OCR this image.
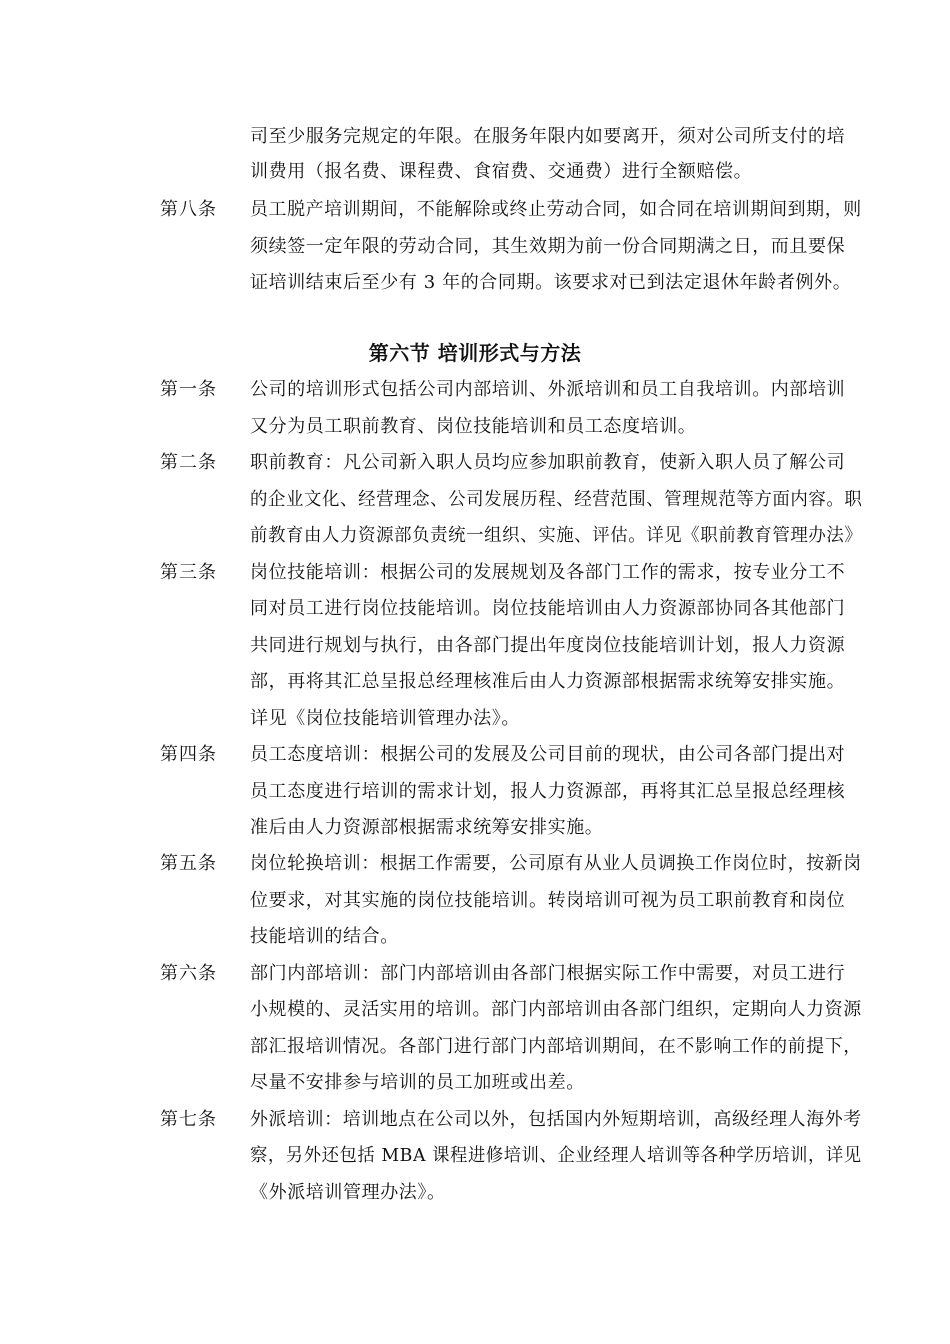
司至少服务完规定的年限。在服务年限内如要离开，须对公司所支付的培
训费用（报名费、课程费、食宿费、交通费）进行全额赔偿。
第八条 员工脱产培训期间，不能解除或终止劳动合同，如合同在培训期间到期，则
须续签一定年限的劳动合同，其生效期为前一份合同期满之日，而且要保
证培训结束后至少有 3 年的合同期。该要求对已到法定退休年龄者例外。
第六节 培训形式与方法
第一条 公司的培训形式包括公司内部培训、外派培训和员工自我培训。内部培训
又分为员工职前教育、岗位技能培训和员工态度培训。
第二条 职前教育：凡公司新入职人员均应参加职前教育，使新入职人员了解公司
的企业文化、经营理念、公司发展历程、经营范围、管理规范等方面内容。职
前教育由人力资源部负责统一组织、实施、评估。详见《职前教育管理办法》
第三条 岗位技能培训：根据公司的发展规划及各部门工作的需求，按专业分工不
同对员工进行岗位技能培训。岗位技能培训由人力资源部协同各其他部门
共同进行规划与执行，由各部门提出年度岗位技能培训计划，报人力资源
部，再将其汇总呈报总经理核准后由人力资源部根据需求统筹安排实施。
详见《岗位技能培训管理办法》。
第四条 员工态度培训：根据公司的发展及公司目前的现状，由公司各部门提出对
员工态度进行培训的需求计划，报人力资源部，再将其汇总呈报总经理核
准后由人力资源部根据需求统筹安排实施。
第五条 岗位轮换培训：根据工作需要，公司原有从业人员调换工作岗位时，按新岗
位要求，对其实施的岗位技能培训。转岗培训可视为员工职前教育和岗位
技能培训的结合。
第六条 部门内部培训：部门内部培训由各部门根据实际工作中需要，对员工进行
小规模的、灵活实用的培训。部门内部培训由各部门组织，定期向人力资源
部汇报培训情况。各部门进行部门内部培训期间，在不影响工作的前提下，
尽量不安排参与培训的员工加班或出差。
第七条 外派培训：培训地点在公司以外，包括国内外短期培训，高级经理人海外考
察，另外还包括 MBA 课程进修培训、企业经理人培训等各种学历培训，详见
《外派培训管理办法》。
